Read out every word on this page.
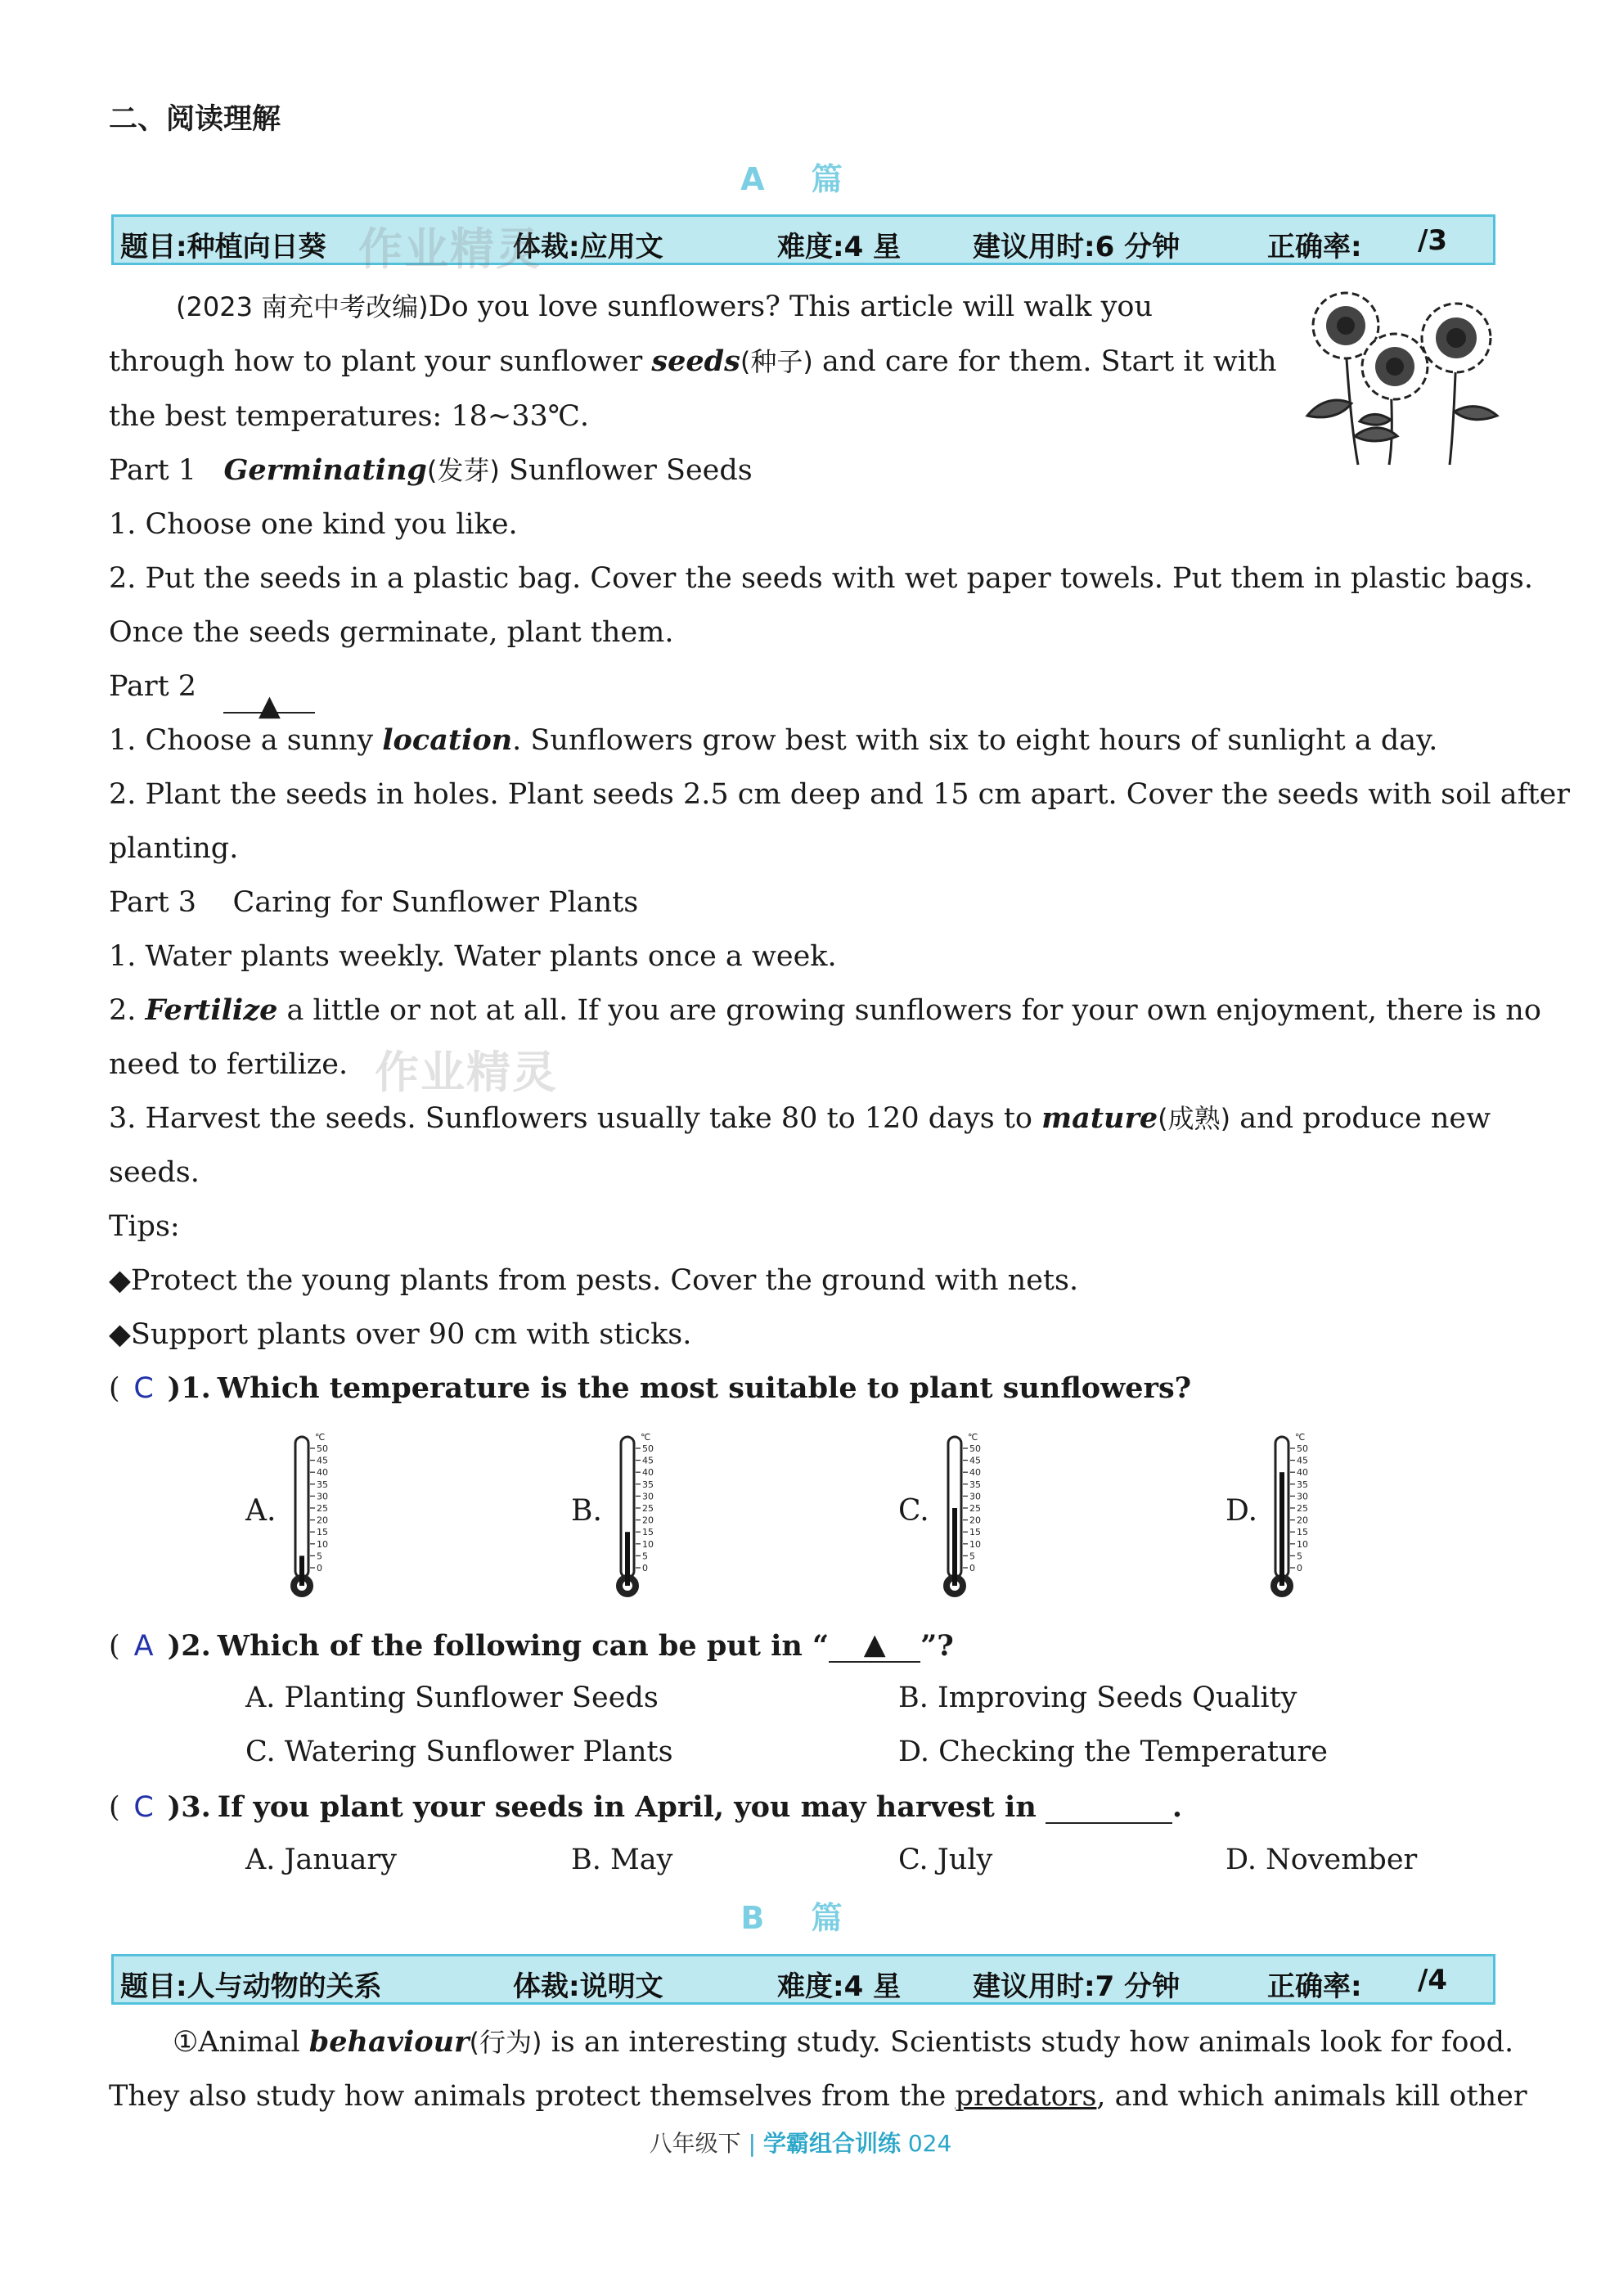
二、阅读理解
A 篇
题目:种植向日葵	体裁:应用文	难度:4 星	建议用时:6 分钟	正确率: /3
作业精灵
(2023 南充中考改编)Do you love sunflowers? This article will walk you
through how to plant your sunflower seeds(种子) and care for them. Start it with
the best temperatures: 18~33℃.
Part 1 Germinating(发芽) Sunflower Seeds
1. Choose one kind you like.
2. Put the seeds in a plastic bag. Cover the seeds with wet paper towels. Put them in plastic bags.
Once the seeds germinate, plant them.
Part 2   ▲
1. Choose a sunny location. Sunflowers grow best with six to eight hours of sunlight a day.
2. Plant the seeds in holes. Plant seeds 2.5 cm deep and 15 cm apart. Cover the seeds with soil after
planting.
Part 3    Caring for Sunflower Plants
1. Water plants weekly. Water plants once a week.
2. Fertilize a little or not at all. If you are growing sunflowers for your own enjoyment, there is no
need to fertilize. 作业精灵
3. Harvest the seeds. Sunflowers usually take 80 to 120 days to mature(成熟) and produce new
seeds.
Tips:
◆Protect the young plants from pests. Cover the ground with nets.
◆Support plants over 90 cm with sticks.
( C )1. Which temperature is the most suitable to plant sunflowers?
A.	B.	C.	D.
℃
50
45
40
35
30
25
20
15
10
5
0
℃
50
45
40
35
30
25
20
15
10
5
0
℃
50
45
40
35
30
25
20
15
10
5
0
℃
50
45
40
35
30
25
20
15
10
5
0
( A )2. Which of the following can be put in “ ▲ ”?
A. Planting Sunflower Seeds	B. Improving Seeds Quality
C. Watering Sunflower Plants	D. Checking the Temperature
( C )3. If you plant your seeds in April, you may harvest in	.
A. January	B. May	C. July	D. November
B 篇
题目:人与动物的关系	体裁:说明文	难度:4 星	建议用时:7 分钟	正确率: /4
①Animal behaviour(行为) is an interesting study. Scientists study how animals look for food.
They also study how animals protect themselves from the predators, and which animals kill other
八年级下 | 学霸组合训练 024
